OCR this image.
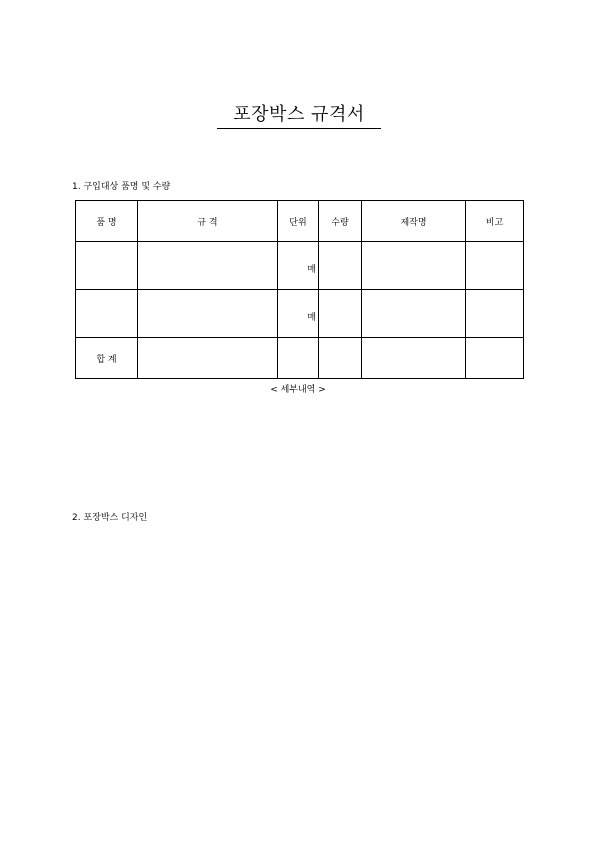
포장박스 규격서
1. 구입대상 품명 및 수량
품 명	규 격	단위	수량	제작명	비고

		매			

		매			

합 계					
< 세부내역 >
2. 포장박스 디자인
